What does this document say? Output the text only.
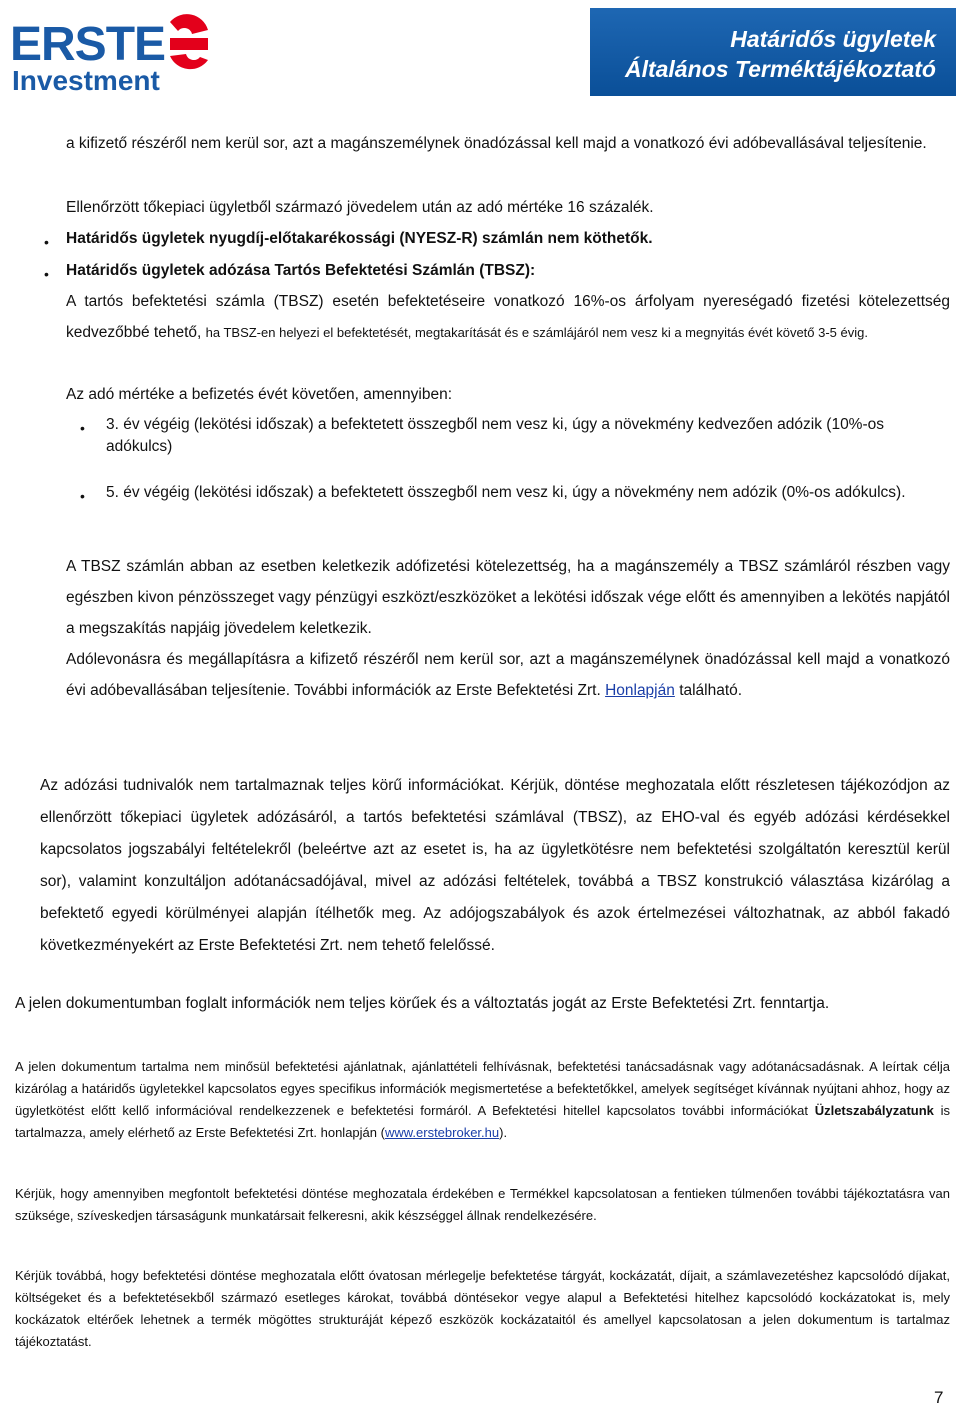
ERSTE
Investment
Határidős ügyletek
Általános Terméktájékoztató

a kifizető részéről nem kerül sor, azt a magánszemélynek önadózással kell majd a vonatkozó évi adóbevallásával teljesítenie.

Ellenőrzött tőkepiaci ügyletből származó jövedelem után az adó mértéke 16 százalék.

• Határidős ügyletek nyugdíj-előtakarékossági (NYESZ-R) számlán nem köthetők.

• Határidős ügyletek adózása Tartós Befektetési Számlán (TBSZ):

A tartós befektetési számla (TBSZ) esetén befektetéseire vonatkozó 16%-os árfolyam nyereségadó fizetési kötelezettség kedvezőbbé tehető, ha TBSZ-en helyezi el befektetését, megtakarítását és e számlájáról nem vesz ki a megnyitás évét követő 3-5 évig.

Az adó mértéke a befizetés évét követően, amennyiben:

• 3. év végéig (lekötési időszak) a befektetett összegből nem vesz ki, úgy a növekmény kedvezően adózik (10%-os adókulcs)

• 5. év végéig (lekötési időszak) a befektetett összegből nem vesz ki, úgy a növekmény nem adózik (0%-os adókulcs).

A TBSZ számlán abban az esetben keletkezik adófizetési kötelezettség, ha a magánszemély a TBSZ számláról részben vagy egészben kivon pénzösszeget vagy pénzügyi eszközt/eszközöket a lekötési időszak vége előtt és amennyiben a lekötés napjától a megszakítás napjáig jövedelem keletkezik.

Adólevonásra és megállapításra a kifizető részéről nem kerül sor, azt a magánszemélynek önadózással kell majd a vonatkozó évi adóbevallásában teljesítenie. További információk az Erste Befektetési Zrt. Honlapján található.

Az adózási tudnivalók nem tartalmaznak teljes körű információkat. Kérjük, döntése meghozatala előtt részletesen tájékozódjon az ellenőrzött tőkepiaci ügyletek adózásáról, a tartós befektetési számlával (TBSZ), az EHO-val és egyéb adózási kérdésekkel kapcsolatos jogszabályi feltételekről (beleértve azt az esetet is, ha az ügyletkötésre nem befektetési szolgáltatón keresztül kerül sor), valamint konzultáljon adótanácsadójával, mivel az adózási feltételek, továbbá a TBSZ konstrukció választása kizárólag a befektető egyedi körülményei alapján ítélhetők meg. Az adójogszabályok és azok értelmezései változhatnak, az abból fakadó következményekért az Erste Befektetési Zrt. nem tehető felelőssé.

A jelen dokumentumban foglalt információk nem teljes körűek és a változtatás jogát az Erste Befektetési Zrt. fenntartja.

A jelen dokumentum tartalma nem minősül befektetési ajánlatnak, ajánlattételi felhívásnak, befektetési tanácsadásnak vagy adótanácsadásnak. A leírtak célja kizárólag a határidős ügyletekkel kapcsolatos egyes specifikus információk megismertetése a befektetőkkel, amelyek segítséget kívánnak nyújtani ahhoz, hogy az ügyletkötést előtt kellő információval rendelkezzenek e befektetési formáról. A Befektetési hitellel kapcsolatos további információkat Üzletszabályzatunk is tartalmazza, amely elérhető az Erste Befektetési Zrt. honlapján (www.erstebroker.hu).

Kérjük, hogy amennyiben megfontolt befektetési döntése meghozatala érdekében e Termékkel kapcsolatosan a fentieken túlmenően további tájékoztatásra van szüksége, szíveskedjen társaságunk munkatársait felkeresni, akik készséggel állnak rendelkezésére.

Kérjük továbbá, hogy befektetési döntése meghozatala előtt óvatosan mérlegelje befektetése tárgyát, kockázatát, díjait, a számlavezetéshez kapcsolódó díjakat, költségeket és a befektetésekből származó esetleges károkat, továbbá döntésekor vegye alapul a Befektetési hitelhez kapcsolódó kockázatokat is, mely kockázatok eltérőek lehetnek a termék mögöttes strukturáját képező eszközök kockázataitól és amellyel kapcsolatosan a jelen dokumentum is tartalmaz tájékoztatást.

7
